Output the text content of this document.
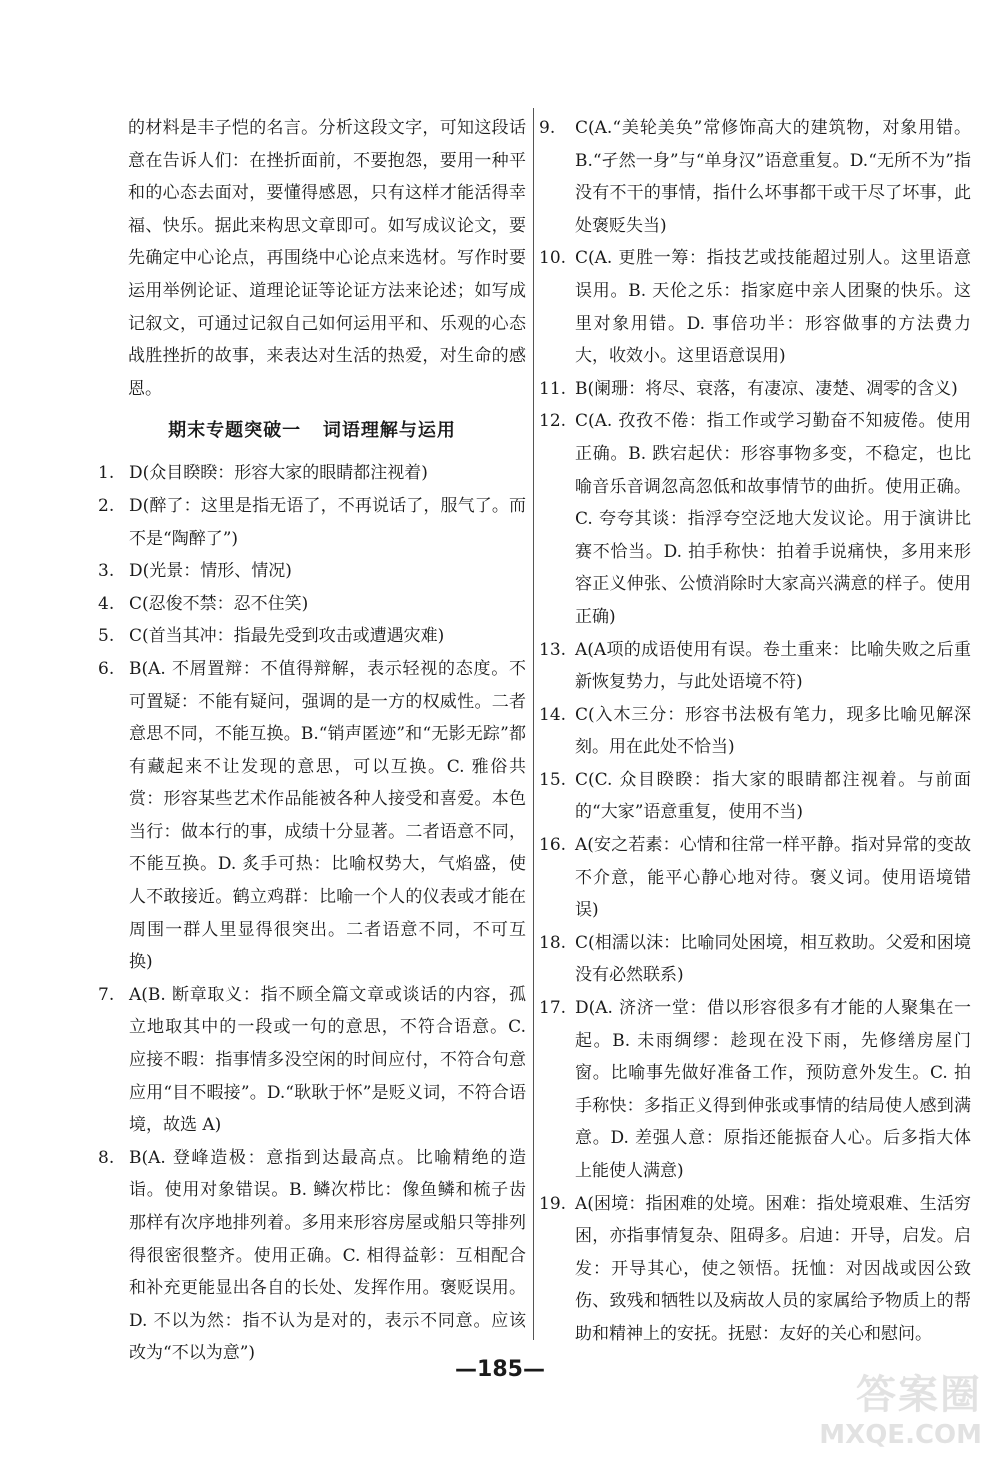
的材料是丰子恺的名言。分析这段文字，可知这段话意在告诉人们：在挫折面前，不要抱怨，要用一种平和的心态去面对，要懂得感恩，只有这样才能活得幸福、快乐。据此来构思文章即可。如写成议论文，要先确定中心论点，再围绕中心论点来选材。写作时要运用举例论证、道理论证等论证方法来论述；如写成记叙文，可通过记叙自己如何运用平和、乐观的心态战胜挫折的故事，来表达对生活的热爱，对生命的感恩。

期末专题突破一   词语理解与运用

1. D(众目睽睽：形容大家的眼睛都注视着)

2. D(醉了：这里是指无语了，不再说话了，服气了。而不是“陶醉了”)

3. D(光景：情形、情况)

4. C(忍俊不禁：忍不住笑)

5. C(首当其冲：指最先受到攻击或遭遇灾难)

6. B(A. 不屑置辩：不值得辩解，表示轻视的态度。不可置疑：不能有疑问，强调的是一方的权威性。二者意思不同，不能互换。B.“销声匿迹”和“无影无踪”都有藏起来不让发现的意思，可以互换。C. 雅俗共赏：形容某些艺术作品能被各种人接受和喜爱。本色当行：做本行的事，成绩十分显著。二者语意不同，不能互换。D. 炙手可热：比喻权势大，气焰盛，使人不敢接近。鹤立鸡群：比喻一个人的仪表或才能在周围一群人里显得很突出。二者语意不同，不可互换)

7. A(B. 断章取义：指不顾全篇文章或谈话的内容，孤立地取其中的一段或一句的意思，不符合语意。C. 应接不暇：指事情多没空闲的时间应付，不符合句意应用“目不暇接”。D.“耿耿于怀”是贬义词，不符合语境，故选 A)

8. B(A. 登峰造极：意指到达最高点。比喻精绝的造诣。使用对象错误。B. 鳞次栉比：像鱼鳞和梳子齿那样有次序地排列着。多用来形容房屋或船只等排列得很密很整齐。使用正确。C. 相得益彰：互相配合和补充更能显出各自的长处、发挥作用。褒贬误用。D. 不以为然：指不认为是对的，表示不同意。应该改为“不以为意”)

9. C(A.“美轮美奂”常修饰高大的建筑物，对象用错。B.“孑然一身”与“单身汉”语意重复。D.“无所不为”指没有不干的事情，指什么坏事都干或干尽了坏事，此处褒贬失当)

10. C(A. 更胜一筹：指技艺或技能超过别人。这里语意误用。B. 天伦之乐：指家庭中亲人团聚的快乐。这里对象用错。D. 事倍功半：形容做事的方法费力大，收效小。这里语意误用)

11. B(阑珊：将尽、衰落，有凄凉、凄楚、凋零的含义)

12. C(A. 孜孜不倦：指工作或学习勤奋不知疲倦。使用正确。B. 跌宕起伏：形容事物多变，不稳定，也比喻音乐音调忽高忽低和故事情节的曲折。使用正确。C. 夸夸其谈：指浮夸空泛地大发议论。用于演讲比赛不恰当。D. 拍手称快：拍着手说痛快，多用来形容正义伸张、公愤消除时大家高兴满意的样子。使用正确)

13. A(A项的成语使用有误。卷土重来：比喻失败之后重新恢复势力，与此处语境不符)

14. C(入木三分：形容书法极有笔力，现多比喻见解深刻。用在此处不恰当)

15. C(C. 众目睽睽：指大家的眼睛都注视着。与前面的“大家”语意重复，使用不当)

16. A(安之若素：心情和往常一样平静。指对异常的变故不介意，能平心静心地对待。褒义词。使用语境错误)

18. C(相濡以沫：比喻同处困境，相互救助。父爱和困境没有必然联系)

17. D(A. 济济一堂：借以形容很多有才能的人聚集在一起。B. 未雨绸缪：趁现在没下雨，先修缮房屋门窗。比喻事先做好准备工作，预防意外发生。C. 拍手称快：多指正义得到伸张或事情的结局使人感到满意。D. 差强人意：原指还能振奋人心。后多指大体上能使人满意)

19. A(困境：指困难的处境。困难：指处境艰难、生活穷困，亦指事情复杂、阻碍多。启迪：开导，启发。启发：开导其心，使之领悟。抚恤：对因战或因公致伤、致残和牺牲以及病故人员的家属给予物质上的帮助和精神上的安抚。抚慰：友好的关心和慰问。

—185—
答案圈
MXQE.COM
